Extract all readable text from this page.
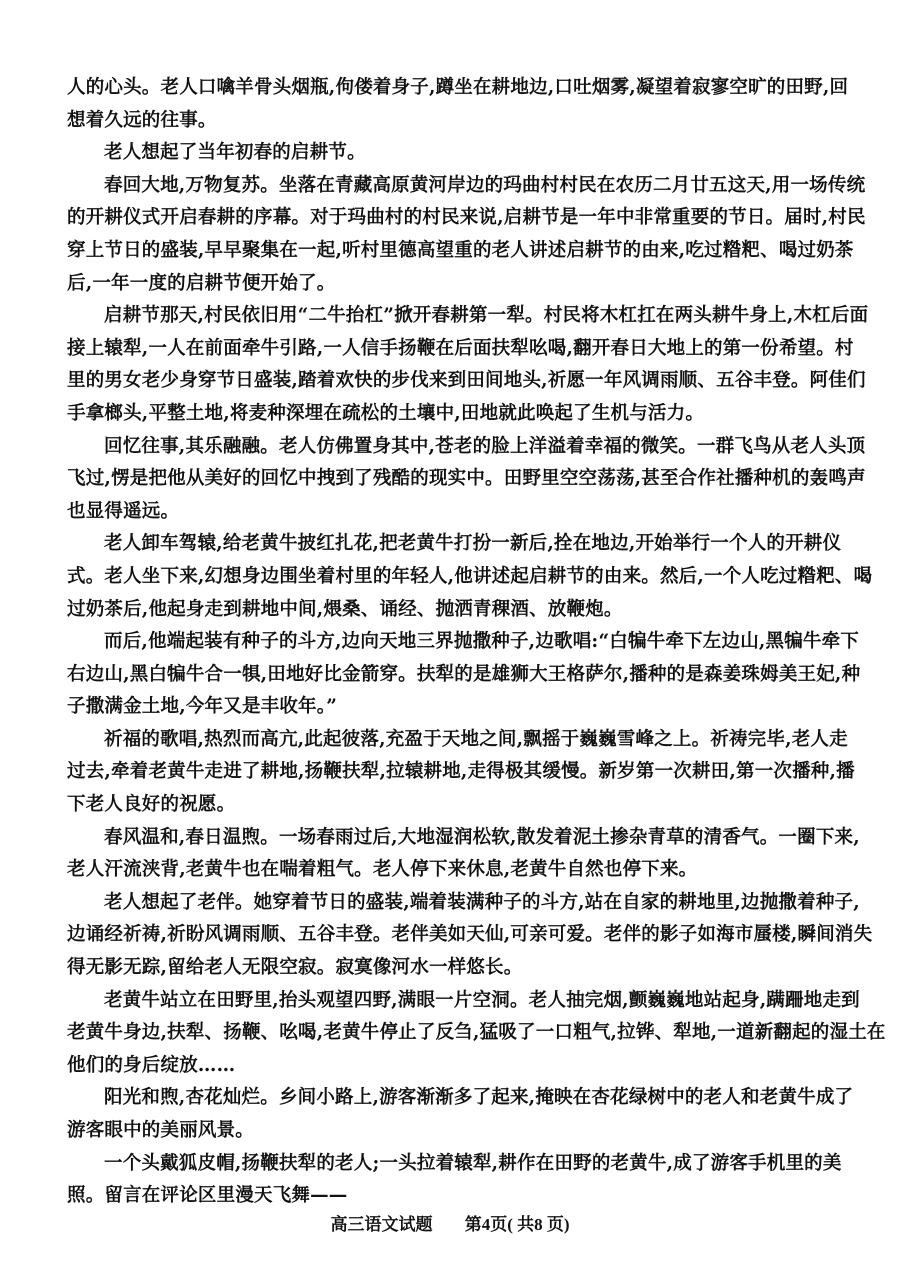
人的心头。老人口噙羊骨头烟瓶,佝偻着身子,蹲坐在耕地边,口吐烟雾,凝望着寂寥空旷的田野,回
想着久远的往事。
老人想起了当年初春的启耕节。
春回大地,万物复苏。坐落在青藏高原黄河岸边的玛曲村村民在农历二月廿五这天,用一场传统
的开耕仪式开启春耕的序幕。对于玛曲村的村民来说,启耕节是一年中非常重要的节日。届时,村民
穿上节日的盛装,早早聚集在一起,听村里德高望重的老人讲述启耕节的由来,吃过糌粑、喝过奶茶
后,一年一度的启耕节便开始了。
启耕节那天,村民依旧用“二牛抬杠”掀开春耕第一犁。村民将木杠扛在两头耕牛身上,木杠后面
接上辕犁,一人在前面牵牛引路,一人信手扬鞭在后面扶犁吆喝,翻开春日大地上的第一份希望。村
里的男女老少身穿节日盛装,踏着欢快的步伐来到田间地头,祈愿一年风调雨顺、五谷丰登。阿佳们
手拿榔头,平整土地,将麦种深埋在疏松的土壤中,田地就此唤起了生机与活力。
回忆往事,其乐融融。老人仿佛置身其中,苍老的脸上洋溢着幸福的微笑。一群飞鸟从老人头顶
飞过,愣是把他从美好的回忆中拽到了残酷的现实中。田野里空空荡荡,甚至合作社播种机的轰鸣声
也显得遥远。
老人卸车驾辕,给老黄牛披红扎花,把老黄牛打扮一新后,拴在地边,开始举行一个人的开耕仪
式。老人坐下来,幻想身边围坐着村里的年轻人,他讲述起启耕节的由来。然后,一个人吃过糌粑、喝
过奶茶后,他起身走到耕地中间,煨桑、诵经、抛洒青稞酒、放鞭炮。
而后,他端起装有种子的斗方,边向天地三界抛撒种子,边歌唱:“白犏牛牵下左边山,黑犏牛牵下
右边山,黑白犏牛合一犋,田地好比金箭穿。扶犁的是雄狮大王格萨尔,播种的是森姜珠姆美王妃,种
子撒满金土地,今年又是丰收年。”
祈福的歌唱,热烈而高亢,此起彼落,充盈于天地之间,飘摇于巍巍雪峰之上。祈祷完毕,老人走
过去,牵着老黄牛走进了耕地,扬鞭扶犁,拉辕耕地,走得极其缓慢。新岁第一次耕田,第一次播种,播
下老人良好的祝愿。
春风温和,春日温煦。一场春雨过后,大地湿润松软,散发着泥土掺杂青草的清香气。一圈下来,
老人汗流浃背,老黄牛也在喘着粗气。老人停下来休息,老黄牛自然也停下来。
老人想起了老伴。她穿着节日的盛装,端着装满种子的斗方,站在自家的耕地里,边抛撒着种子,
边诵经祈祷,祈盼风调雨顺、五谷丰登。老伴美如天仙,可亲可爱。老伴的影子如海市蜃楼,瞬间消失
得无影无踪,留给老人无限空寂。寂寞像河水一样悠长。
老黄牛站立在田野里,抬头观望四野,满眼一片空洞。老人抽完烟,颤巍巍地站起身,蹒跚地走到
老黄牛身边,扶犁、扬鞭、吆喝,老黄牛停止了反刍,猛吸了一口粗气,拉铧、犁地,一道新翻起的湿土在
他们的身后绽放……
阳光和煦,杏花灿烂。乡间小路上,游客渐渐多了起来,掩映在杏花绿树中的老人和老黄牛成了
游客眼中的美丽风景。
一个头戴狐皮帽,扬鞭扶犁的老人;一头拉着辕犁,耕作在田野的老黄牛,成了游客手机里的美
照。留言在评论区里漫天飞舞——
高三语文试题 第4页( 共8 页)
